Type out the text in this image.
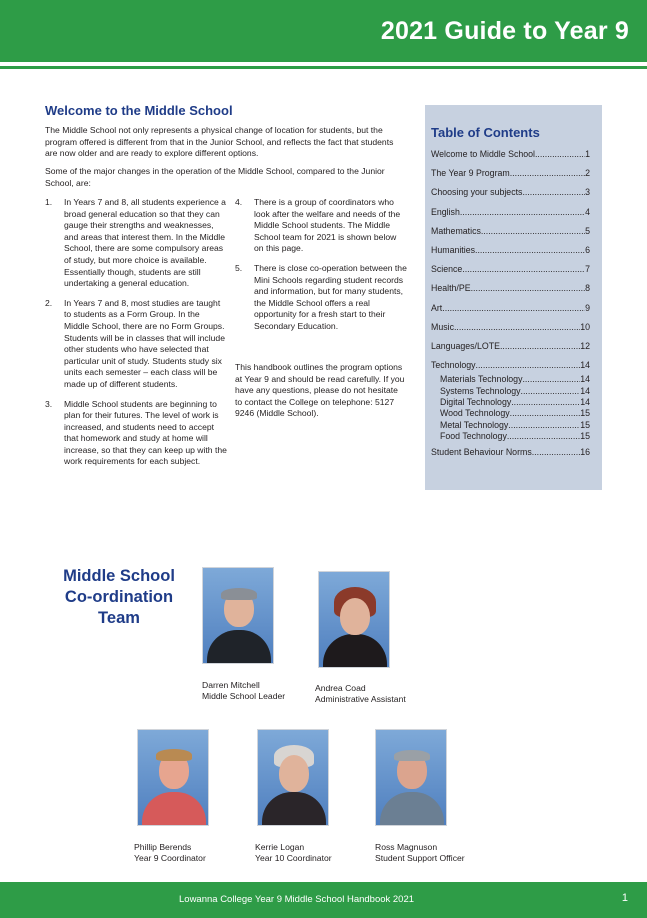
2021 Guide to Year 9
Welcome to the Middle School

The Middle School not only represents a physical change of location for students, but the program offered is different from that in the Junior School, and reflects the fact that students are now older and are ready to explore different options.

Some of the major changes in the operation of the Middle School, compared to the Junior School, are:

1. In Years 7 and 8, all students experience a broad general education so that they can gauge their strengths and weaknesses, and areas that interest them. In the Middle School, there are some compulsory areas of study, but more choice is available. Essentially though, students are still undertaking a general education.
2. In Years 7 and 8, most studies are taught to students as a Form Group. In the Middle School, there are no Form Groups. Students will be in classes that will include other students who have selected that particular unit of study. Students study six units each semester – each class will be made up of different students.
3. Middle School students are beginning to plan for their futures. The level of work is increased, and students need to accept that homework and study at home will increase, so that they can keep up with the work requirements for each subject.
4. There is a group of coordinators who look after the welfare and needs of the Middle School students. The Middle School team for 2021 is shown below on this page.
5. There is close co-operation between the Mini Schools regarding student records and information, but for many students, the Middle School offers a real opportunity for a fresh start to their Secondary Education.

This handbook outlines the program options at Year 9 and should be read carefully. If you have any questions, please do not hesitate to contact the College on telephone: 5127 9246 (Middle School).

Table of Contents
Welcome to Middle School .....	1
The Year 9 Program .....	2
Choosing your subjects .....	3
English .....	4
Mathematics .....	5
Humanities .....	6
Science .....	7
Health/PE .....	8
Art .....	9
Music .....	10
Languages/LOTE .....	12
Technology .....	14
Materials Technology .....	14
Systems Technology .....	14
Digital Technology .....	14
Wood Technology .....	15
Metal Technology .....	15
Food Technology .....	15
Student Behaviour Norms .....	16
Middle School Co-ordination Team
Darren Mitchell
Middle School Leader
Andrea Coad
Administrative Assistant
Phillip Berends
Year 9 Coordinator
Kerrie Logan
Year 10 Coordinator
Ross Magnuson
Student Support Officer
Lowanna College Year 9 Middle School Handbook 2021	1
